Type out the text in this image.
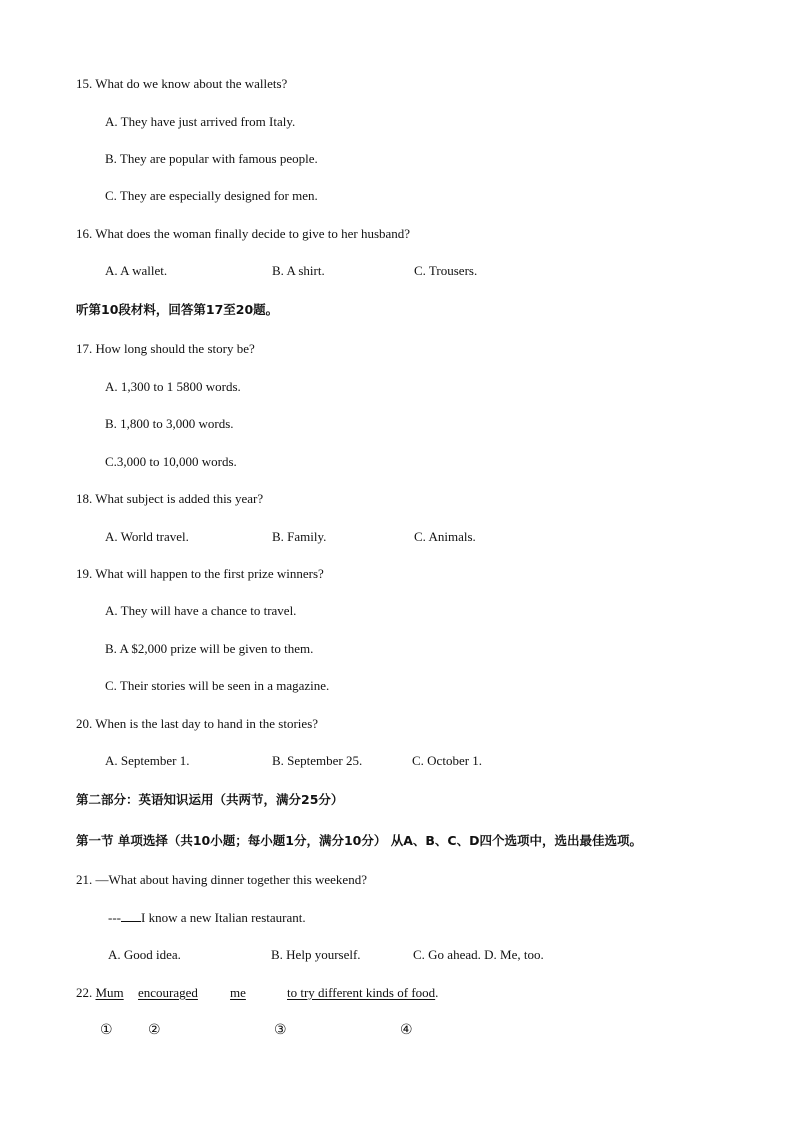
15. What do we know about the wallets?
A. They have just arrived from Italy.
B. They are popular with famous people.
C. They are especially designed for men.
16. What does the woman finally decide to give to her husband?
A. A wallet.	B. A shirt.	C. Trousers.
听第10段材料，回答第17至20题。
17. How long should the story be?
A. 1,300 to 1 5800 words.
B. 1,800 to 3,000 words.
C.3,000 to 10,000 words.
18. What subject is added this year?
A. World travel.	B. Family.	C. Animals.
19. What will happen to the first prize winners?
A. They will have a chance to travel.
B. A $2,000 prize will be given to them.
C. Their stories will be seen in a magazine.
20. When is the last day to hand in the stories?
A. September 1.	B. September 25.	C. October 1.
第二部分：英语知识运用（共两节，满分25分）
第一节 单项选择（共10小题；每小题1分，满分10分） 从A、B、C、D四个选项中，选出最佳选项。
21. —What about having dinner together this weekend?
--- I know a new Italian restaurant.
A. Good idea.	B. Help yourself.	C. Go ahead. D. Me, too.
22. Mum encouraged	me	to try different kinds of food.
①	②	③	④
